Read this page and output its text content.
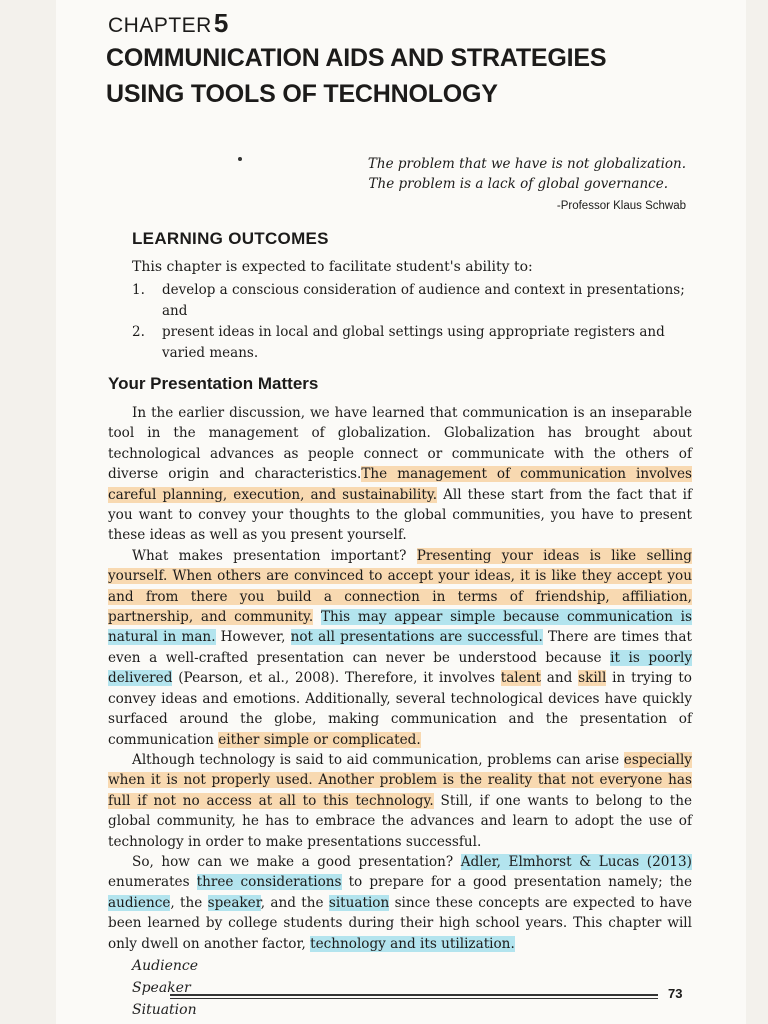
CHAPTER5
COMMUNICATION AIDS AND STRATEGIES
USING TOOLS OF TECHNOLOGY
The problem that we have is not globalization.
The problem is a lack of global governance.
-Professor Klaus Schwab
LEARNING OUTCOMES
This chapter is expected to facilitate student's ability to:
1. develop a conscious consideration of audience and context in presentations; and
2. present ideas in local and global settings using appropriate registers and varied means.
Your Presentation Matters

In the earlier discussion, we have learned that communication is an inseparable tool in the management of globalization. Globalization has brought about technological advances as people connect or communicate with the others of diverse origin and characteristics.The management of communication involves careful planning, execution, and sustainability. All these start from the fact that if you want to convey your thoughts to the global communities, you have to present these ideas as well as you present yourself.

What makes presentation important? Presenting your ideas is like selling yourself. When others are convinced to accept your ideas, it is like they accept you and from there you build a connection in terms of friendship, affiliation, partnership, and community. This may appear simple because communication is natural in man. However, not all presentations are successful. There are times that even a well-crafted presentation can never be understood because it is poorly delivered (Pearson, et al., 2008). Therefore, it involves talent and skill in trying to convey ideas and emotions. Additionally, several technological devices have quickly surfaced around the globe, making communication and the presentation of communication either simple or complicated.

Although technology is said to aid communication, problems can arise especially when it is not properly used. Another problem is the reality that not everyone has full if not no access at all to this technology. Still, if one wants to belong to the global community, he has to embrace the advances and learn to adopt the use of technology in order to make presentations successful.

So, how can we make a good presentation? Adler, Elmhorst & Lucas (2013) enumerates three considerations to prepare for a good presentation namely; the audience, the speaker, and the situation since these concepts are expected to have been learned by college students during their high school years. This chapter will only dwell on another factor, technology and its utilization.

Audience
Speaker
Situation
73
